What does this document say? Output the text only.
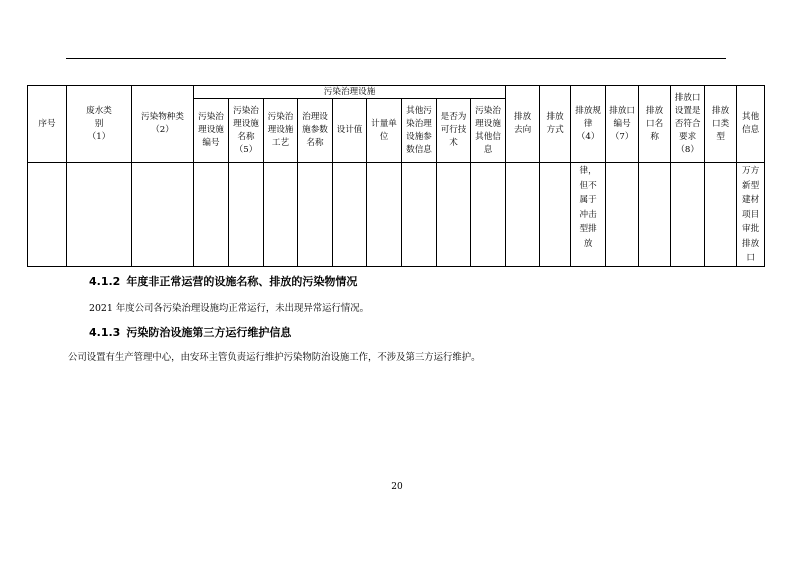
序号	废水类别（1）	污染物种类（2）	污染治理设施									排放去向	排放方式	排放规律（4）	排放口编号（7）	排放口名称	排放口设置是否符合要求（8）	排放口类型	其他信息
			污染治理设施编号	污染治理设施名称（5）	污染治理设施工艺	治理设施参数名称	设计值	计量单位	其他污染治理设施参数信息	是否为可行技术	污染治理设施其他信息								
														律，但不属于冲击型排放					万方新型建材项目审批排放口
4.1.2 年度非正常运营的设施名称、排放的污染物情况
2021 年度公司各污染治理设施均正常运行，未出现异常运行情况。
4.1.3 污染防治设施第三方运行维护信息
公司设置有生产管理中心，由安环主管负责运行维护污染物防治设施工作，不涉及第三方运行维护。
20
